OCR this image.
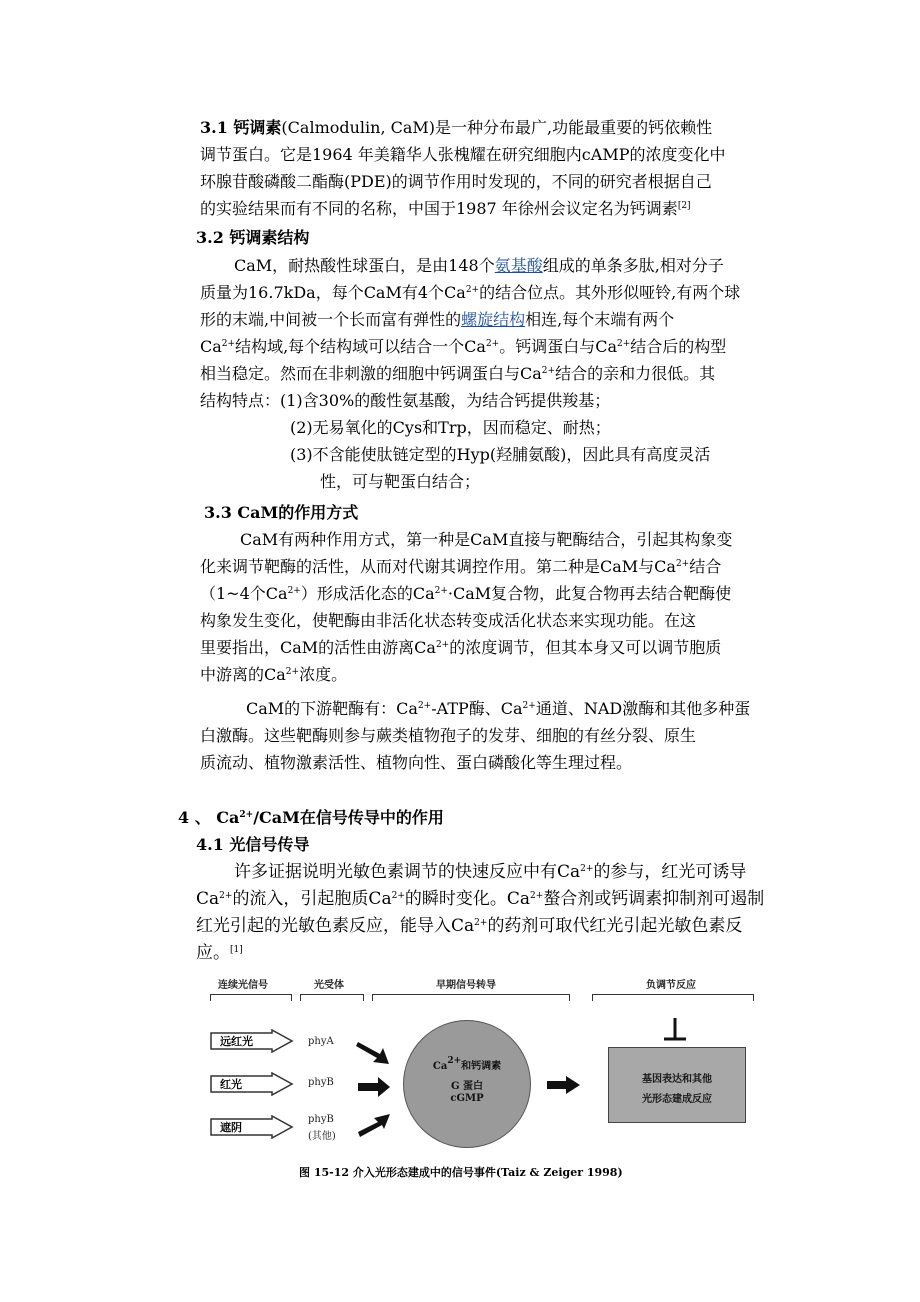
3.1 钙调素(Calmodulin, CaM)是一种分布最广,功能最重要的钙依赖性
调节蛋白。它是1964 年美籍华人张槐耀在研究细胞内cAMP的浓度变化中
环腺苷酸磷酸二酯酶(PDE)的调节作用时发现的，不同的研究者根据自己
的实验结果而有不同的名称，中国于1987 年徐州会议定名为钙调素[2]
3.2 钙调素结构
CaM，耐热酸性球蛋白，是由148个氨基酸组成的单条多肽,相对分子
质量为16.7kDa，每个CaM有4个$Ca^{2+}$的结合位点。其外形似哑铃,有两个球
形的末端,中间被一个长而富有弹性的螺旋结构相连,每个末端有两个
$Ca^{2+}$结构域,每个结构域可以结合一个$Ca^{2+}$。钙调蛋白与$Ca^{2+}$结合后的构型
相当稳定。然而在非刺激的细胞中钙调蛋白与$Ca^{2+}$结合的亲和力很低。其
结构特点：(1)含30%的酸性氨基酸，为结合钙提供羧基；
(2)无易氧化的Cys和Trp，因而稳定、耐热；
(3)不含能使肽链定型的Hyp(羟脯氨酸)，因此具有高度灵活
性，可与靶蛋白结合；
3.3 CaM的作用方式
CaM有两种作用方式，第一种是CaM直接与靶酶结合，引起其构象变
化来调节靶酶的活性，从而对代谢其调控作用。第二种是CaM与$Ca^{2+}$结合
（1~4个$Ca^{2+}$）形成活化态的$Ca^{2+}\cdot CaM$复合物，此复合物再去结合靶酶使
构象发生变化，使靶酶由非活化状态转变成活化状态来实现功能。在这
里要指出，CaM的活性由游离$Ca^{2+}$的浓度调节，但其本身又可以调节胞质
中游离的$Ca^{2+}$浓度。
CaM的下游靶酶有：$Ca^{2+}$-ATP酶、$Ca^{2+}$通道、NAD激酶和其他多种蛋
白激酶。这些靶酶则参与蕨类植物孢子的发芽、细胞的有丝分裂、原生
质流动、植物激素活性、植物向性、蛋白磷酸化等生理过程。
4 、 $Ca^{2+}$/CaM在信号传导中的作用
4.1 光信号传导
许多证据说明光敏色素调节的快速反应中有$Ca^{2+}$的参与，红光可诱导
$Ca^{2+}$的流入，引起胞质$Ca^{2+}$的瞬时变化。$Ca^{2+}$螯合剂或钙调素抑制剂可遏制
红光引起的光敏色素反应，能导入$Ca^{2+}$的药剂可取代红光引起光敏色素反
应。[1]
连续光信号	光受体	早期信号转导	负调节反应
远红光
红光
遮阴
phyA
phyB
phyB
(其他)
$Ca^{2+}$和钙调素
G 蛋白
cGMP
基因表达和其他
光形态建成反应
图 15-12 介入光形态建成中的信号事件(Taiz & Zeiger 1998)
